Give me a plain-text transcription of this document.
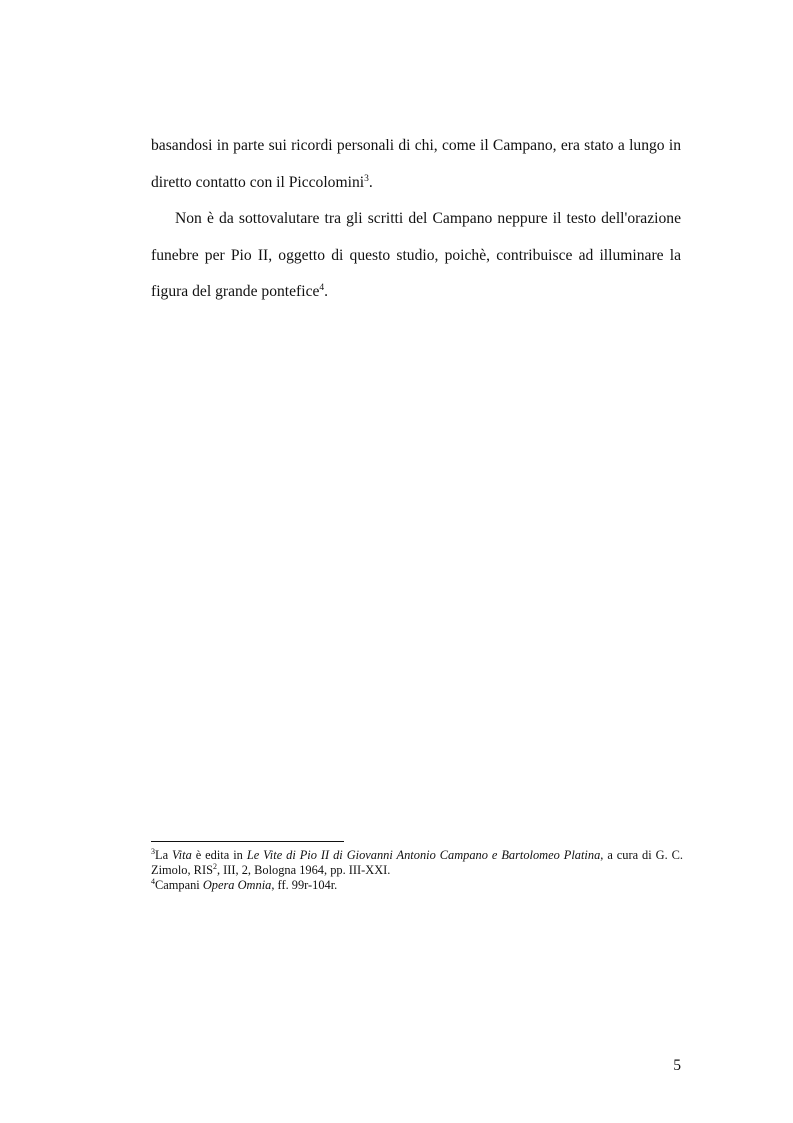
basandosi in parte sui ricordi personali di chi, come il Campano, era stato a lungo in diretto contatto con il Piccolomini$^3$.

Non è da sottovalutare tra gli scritti del Campano neppure il testo dell'orazione funebre per Pio II, oggetto di questo studio, poichè, contribuisce ad illuminare la figura del grande pontefice$^4$.

$^3$La Vita è edita in Le Vite di Pio II di Giovanni Antonio Campano e Bartolomeo Platina, a cura di G. C. Zimolo, RIS$^2$, III, 2, Bologna 1964, pp. III-XXI.

$^4$Campani Opera Omnia, ff. 99r-104r.

5
